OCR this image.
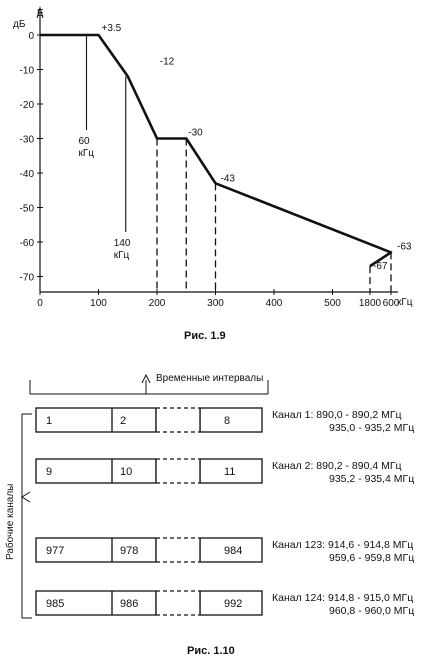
дБ
E
кГц
0
-10
-20
-30
-40
-50
-60
-70
0	100	200	300	400	500	600
1800
60
кГц
140
кГц
+3.5
-12
-30
-43
-63
-67
Рис. 1.9
Временные интервалы
Рабочие каналы
1	2	8	Канал 1: 890,0 - 890,2 МГц
935,0 - 935,2 МГц
9	10	11	Канал 2: 890,2 - 890,4 МГц
935,2 - 935,4 МГц
977	978	984	Канал 123: 914,6 - 914,8 МГц
959,6 - 959,8 МГц
985	986	992	Канал 124: 914,8 - 915,0 МГц
960,8 - 960,0 МГц
Рис. 1.10
